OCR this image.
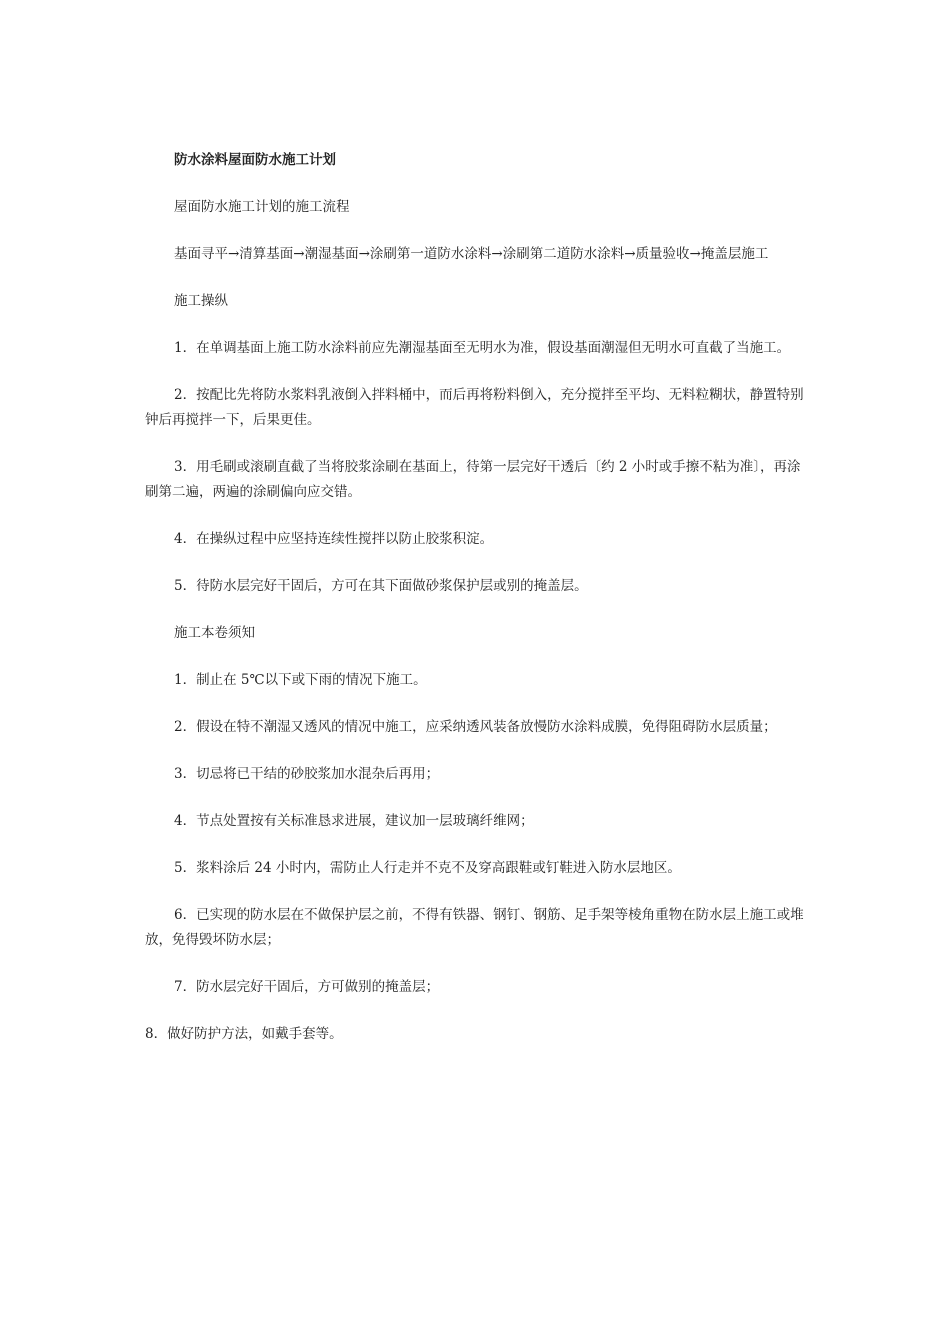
防水涂料屋面防水施工计划

屋面防水施工计划的施工流程

基面寻平→清算基面→潮湿基面→涂刷第一道防水涂料→涂刷第二道防水涂料→质量验收→掩盖层施工

施工操纵

1．在单调基面上施工防水涂料前应先潮湿基面至无明水为准，假设基面潮湿但无明水可直截了当施工。

2．按配比先将防水浆料乳液倒入拌料桶中，而后再将粉料倒入，充分搅拌至平均、无料粒糊状，静置特别钟后再搅拌一下，后果更佳。

3．用毛刷或滚刷直截了当将胶浆涂刷在基面上，待第一层完好干透后〔约 2 小时或手擦不粘为准〕，再涂刷第二遍，两遍的涂刷偏向应交错。

4．在操纵过程中应坚持连续性搅拌以防止胶浆积淀。

5．待防水层完好干固后，方可在其下面做砂浆保护层或别的掩盖层。

施工本卷须知

1．制止在 5℃以下或下雨的情况下施工。

2．假设在特不潮湿又透风的情况中施工，应采纳透风装备放慢防水涂料成膜，免得阻碍防水层质量；

3．切忌将已干结的砂胶浆加水混杂后再用；

4．节点处置按有关标准恳求进展，建议加一层玻璃纤维网；

5．浆料涂后 24 小时内，需防止人行走并不克不及穿高跟鞋或钉鞋进入防水层地区。

6．已实现的防水层在不做保护层之前，不得有铁器、钢钉、钢筋、足手架等棱角重物在防水层上施工或堆放，免得毁坏防水层；

7．防水层完好干固后，方可做别的掩盖层；

8．做好防护方法，如戴手套等。
